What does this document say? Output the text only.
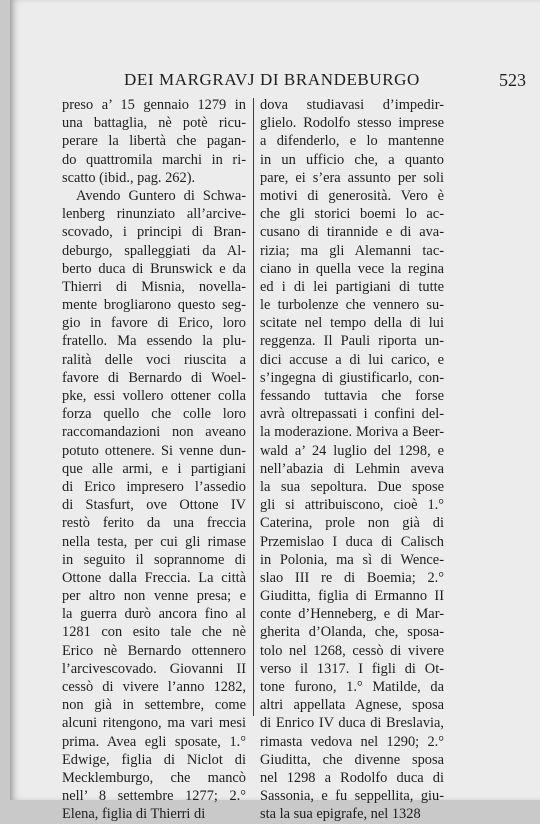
DEI MARGRAVJ DI BRANDEBURGO	523
preso a’ 15 gennaio 1279 in
una battaglia, nè potè ricu-
perare la libertà che pagan-
do quattromila marchi in ri-
scatto (ibid., pag. 262).
Avendo Guntero di Schwa-
lenberg rinunziato all’arcive-
scovado, i principi di Bran-
deburgo, spalleggiati da Al-
berto duca di Brunswick e da
Thierri di Misnia, novella-
mente brogliarono questo seg-
gio in favore di Erico, loro
fratello. Ma essendo la plu-
ralità delle voci riuscita a
favore di Bernardo di Woel-
pke, essi vollero ottener colla
forza quello che colle loro
raccomandazioni non aveano
potuto ottenere. Si venne dun-
que alle armi, e i partigiani
di Erico impresero l’assedio
di Stasfurt, ove Ottone IV
restò ferito da una freccia
nella testa, per cui gli rimase
in seguito il soprannome di
Ottone dalla Freccia. La città
per altro non venne presa; e
la guerra durò ancora fino al
1281 con esito tale che nè
Erico nè Bernardo ottennero
l’arcivescovado. Giovanni II
cessò di vivere l’anno 1282,
non già in settembre, come
alcuni ritengono, ma vari mesi
prima. Avea egli sposate, 1.°
Edwige, figlia di Niclot di
Mecklemburgo, che mancò
nell’ 8 settembre 1277; 2.°
Elena, figlia di Thierri di
dova studiavasi d’impedir-
glielo. Rodolfo stesso imprese
a difenderlo, e lo mantenne
in un ufficio che, a quanto
pare, ei s’era assunto per soli
motivi di generosità. Vero è
che gli storici boemi lo ac-
cusano di tirannide e di ava-
rizia; ma gli Alemanni tac-
ciano in quella vece la regina
ed i di lei partigiani di tutte
le turbolenze che vennero su-
scitate nel tempo della di lui
reggenza. Il Pauli riporta un-
dici accuse a di lui carico, e
s’ingegna di giustificarlo, con-
fessando tuttavia che forse
avrà oltrepassati i confini del-
la moderazione. Moriva a Beer-
wald a’ 24 luglio del 1298, e
nell’abazia di Lehmin aveva
la sua sepoltura. Due spose
gli si attribuiscono, cioè 1.°
Caterina, prole non già di
Przemislao I duca di Calisch
in Polonia, ma sì di Wence-
slao III re di Boemia; 2.°
Giuditta, figlia di Ermanno II
conte d’Henneberg, e di Mar-
gherita d’Olanda, che, sposa-
tolo nel 1268, cessò di vivere
verso il 1317. I figli di Ot-
tone furono, 1.° Matilde, da
altri appellata Agnese, sposa
di Enrico IV duca di Breslavia,
rimasta vedova nel 1290; 2.°
Giuditta, che divenne sposa
nel 1298 a Rodolfo duca di
Sassonia, e fu seppellita, giu-
sta la sua epigrafe, nel 1328
